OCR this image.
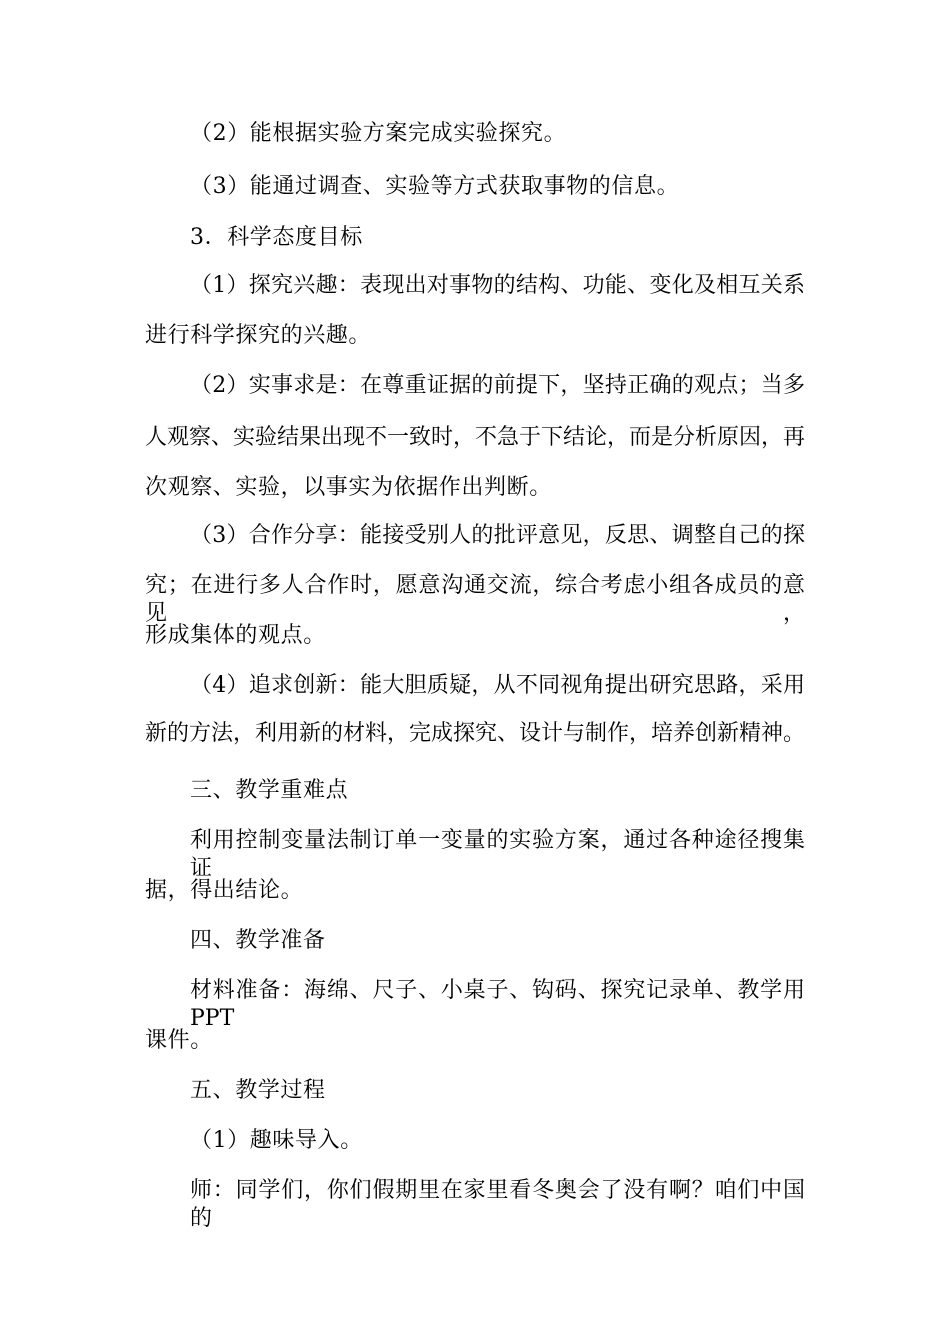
（2）能根据实验方案完成实验探究。
（3）能通过调查、实验等方式获取事物的信息。
3．科学态度目标
（1）探究兴趣：表现出对事物的结构、功能、变化及相互关系
进行科学探究的兴趣。
（2）实事求是：在尊重证据的前提下，坚持正确的观点；当多
人观察、实验结果出现不一致时，不急于下结论，而是分析原因，再
次观察、实验，以事实为依据作出判断。
（3）合作分享：能接受别人的批评意见，反思、调整自己的探
究；在进行多人合作时，愿意沟通交流，综合考虑小组各成员的意见，
形成集体的观点。
（4）追求创新：能大胆质疑，从不同视角提出研究思路，采用
新的方法，利用新的材料，完成探究、设计与制作，培养创新精神。
三、教学重难点
利用控制变量法制订单一变量的实验方案，通过各种途径搜集证
据，得出结论。
四、教学准备
材料准备：海绵、尺子、小桌子、钩码、探究记录单、教学用 PPT
课件。
五、教学过程
（1）趣味导入。
师：同学们，你们假期里在家里看冬奥会了没有啊？咱们中国的
